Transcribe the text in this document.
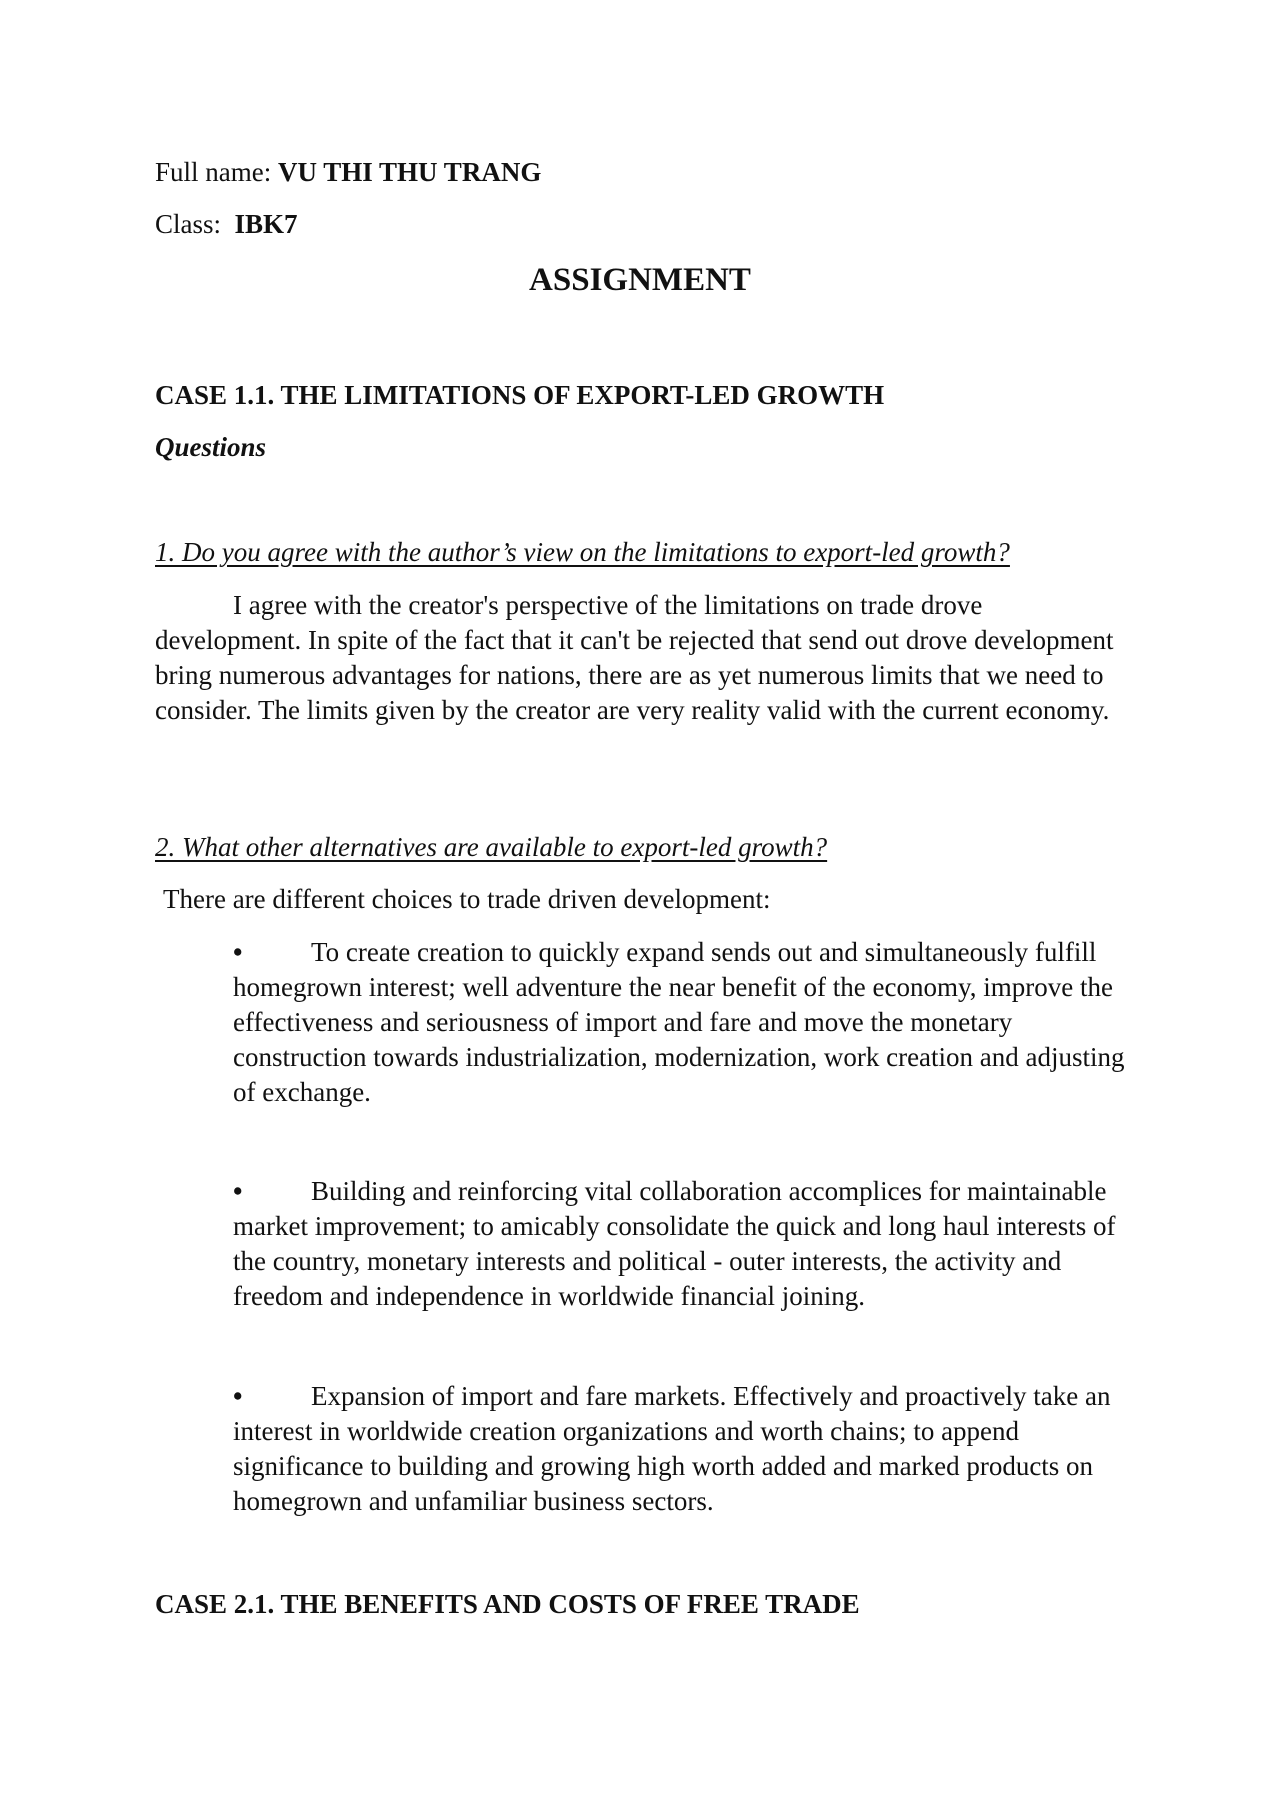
Full name: VU THI THU TRANG
Class: IBK7
ASSIGNMENT
CASE 1.1. THE LIMITATIONS OF EXPORT-LED GROWTH
Questions
1. Do you agree with the author’s view on the limitations to export-led growth?

I agree with the creator's perspective of the limitations on trade drove development. In spite of the fact that it can't be rejected that send out drove development bring numerous advantages for nations, there are as yet numerous limits that we need to consider. The limits given by the creator are very reality valid with the current economy.

2. What other alternatives are available to export-led growth?
There are different choices to trade driven development:

•	To create creation to quickly expand sends out and simultaneously fulfill homegrown interest; well adventure the near benefit of the economy, improve the effectiveness and seriousness of import and fare and move the monetary construction towards industrialization, modernization, work creation and adjusting of exchange.

•	Building and reinforcing vital collaboration accomplices for maintainable market improvement; to amicably consolidate the quick and long haul interests of the country, monetary interests and political - outer interests, the activity and freedom and independence in worldwide financial joining.

•	Expansion of import and fare markets. Effectively and proactively take an interest in worldwide creation organizations and worth chains; to append significance to building and growing high worth added and marked products on homegrown and unfamiliar business sectors.

CASE 2.1. THE BENEFITS AND COSTS OF FREE TRADE
